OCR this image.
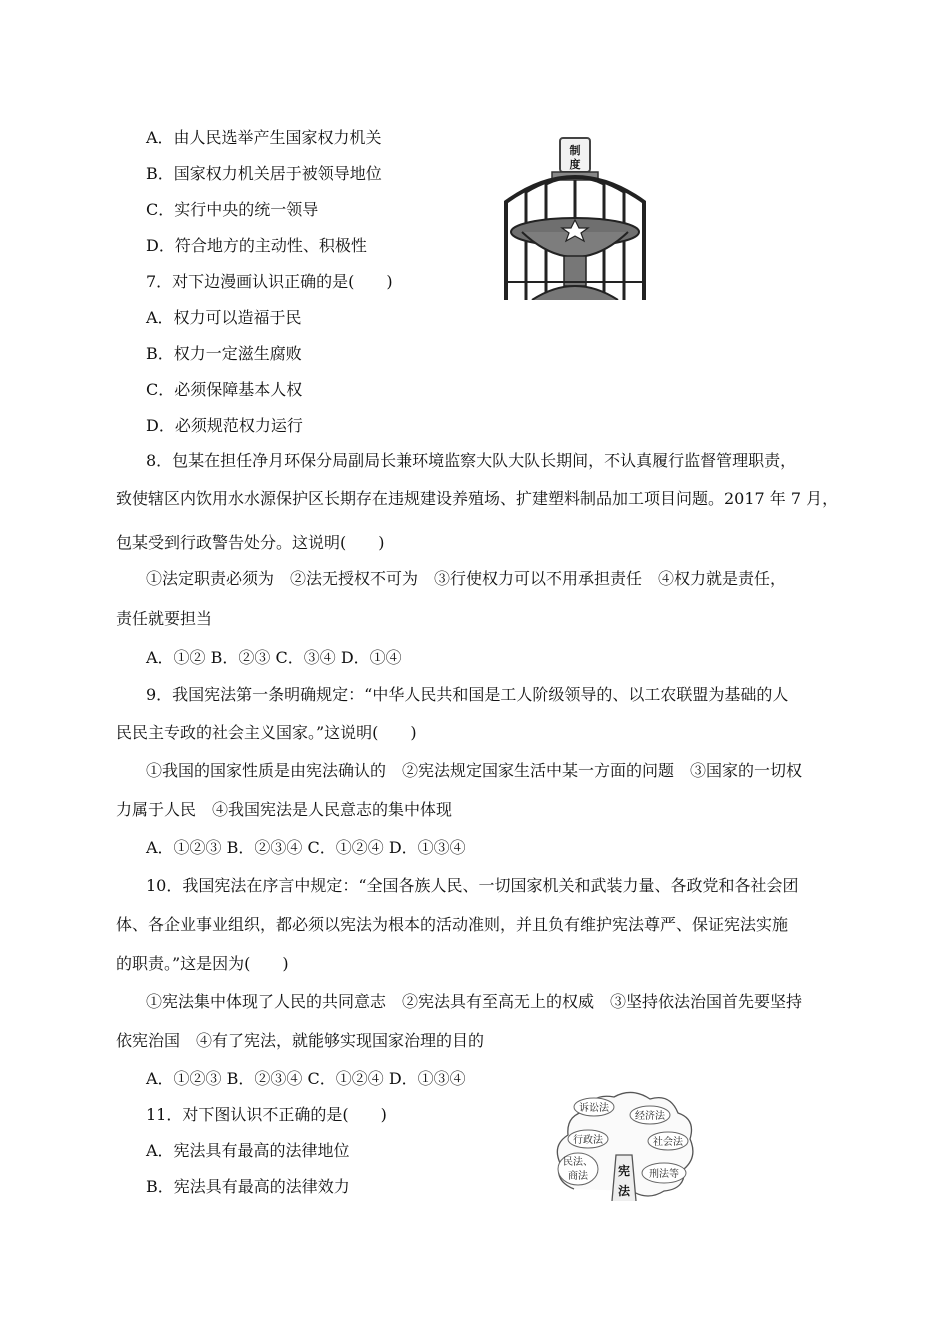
A．由人民选举产生国家权力机关
B．国家权力机关居于被领导地位
C．实行中央的统一领导
D．符合地方的主动性、积极性
7．对下边漫画认识正确的是(　　)
A．权力可以造福于民
B．权力一定滋生腐败
C．必须保障基本人权
D．必须规范权力运行
制
度
8．包某在担任净月环保分局副局长兼环境监察大队大队长期间，不认真履行监督管理职责，
致使辖区内饮用水水源保护区长期存在违规建设养殖场、扩建塑料制品加工项目问题。2017 年 7 月，
包某受到行政警告处分。这说明(　　)
①法定职责必须为　②法无授权不可为　③行使权力可以不用承担责任　④权力就是责任，
责任就要担当
A．①② B．②③ C．③④ D．①④
9．我国宪法第一条明确规定：“中华人民共和国是工人阶级领导的、以工农联盟为基础的人
民民主专政的社会主义国家。”这说明(　　)
①我国的国家性质是由宪法确认的　②宪法规定国家生活中某一方面的问题　③国家的一切权
力属于人民　④我国宪法是人民意志的集中体现
A．①②③ B．②③④ C．①②④ D．①③④
10．我国宪法在序言中规定：“全国各族人民、一切国家机关和武装力量、各政党和各社会团
体、各企业事业组织，都必须以宪法为根本的活动准则，并且负有维护宪法尊严、保证宪法实施
的职责。”这是因为(　　)
①宪法集中体现了人民的共同意志　②宪法具有至高无上的权威　③坚持依法治国首先要坚持
依宪治国　④有了宪法，就能够实现国家治理的目的
A．①②③ B．②③④ C．①②④ D．①③④
11．对下图认识不正确的是(　　)
A．宪法具有最高的法律地位
B．宪法具有最高的法律效力
诉讼法
经济法
行政法	社会法
民法、
商法	刑法等
宪
法
